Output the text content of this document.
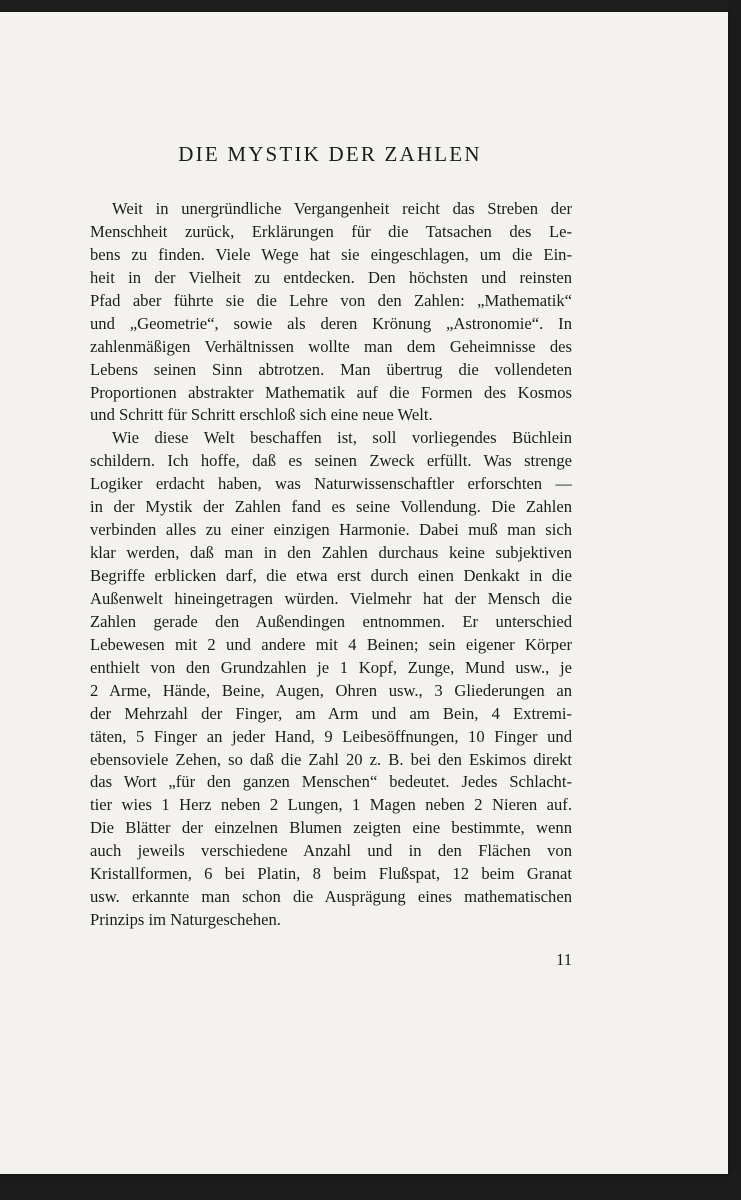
DIE MYSTIK DER ZAHLEN
Weit in unergründliche Vergangenheit reicht das Streben der
Menschheit zurück, Erklärungen für die Tatsachen des Le-
bens zu finden. Viele Wege hat sie eingeschlagen, um die Ein-
heit in der Vielheit zu entdecken. Den höchsten und reinsten
Pfad aber führte sie die Lehre von den Zahlen: „Mathematik“
und „Geometrie“, sowie als deren Krönung „Astronomie“. In
zahlenmäßigen Verhältnissen wollte man dem Geheimnisse des
Lebens seinen Sinn abtrotzen. Man übertrug die vollendeten
Proportionen abstrakter Mathematik auf die Formen des Kosmos
und Schritt für Schritt erschloß sich eine neue Welt.
Wie diese Welt beschaffen ist, soll vorliegendes Büchlein
schildern. Ich hoffe, daß es seinen Zweck erfüllt. Was strenge
Logiker erdacht haben, was Naturwissenschaftler erforschten —
in der Mystik der Zahlen fand es seine Vollendung. Die Zahlen
verbinden alles zu einer einzigen Harmonie. Dabei muß man sich
klar werden, daß man in den Zahlen durchaus keine subjektiven
Begriffe erblicken darf, die etwa erst durch einen Denkakt in die
Außenwelt hineingetragen würden. Vielmehr hat der Mensch die
Zahlen gerade den Außendingen entnommen. Er unterschied
Lebewesen mit 2 und andere mit 4 Beinen; sein eigener Körper
enthielt von den Grundzahlen je 1 Kopf, Zunge, Mund usw., je
2 Arme, Hände, Beine, Augen, Ohren usw., 3 Gliederungen an
der Mehrzahl der Finger, am Arm und am Bein, 4 Extremi-
täten, 5 Finger an jeder Hand, 9 Leibesöffnungen, 10 Finger und
ebensoviele Zehen, so daß die Zahl 20 z. B. bei den Eskimos direkt
das Wort „für den ganzen Menschen“ bedeutet. Jedes Schlacht-
tier wies 1 Herz neben 2 Lungen, 1 Magen neben 2 Nieren auf.
Die Blätter der einzelnen Blumen zeigten eine bestimmte, wenn
auch jeweils verschiedene Anzahl und in den Flächen von
Kristallformen, 6 bei Platin, 8 beim Flußspat, 12 beim Granat
usw. erkannte man schon die Ausprägung eines mathematischen
Prinzips im Naturgeschehen.
11
